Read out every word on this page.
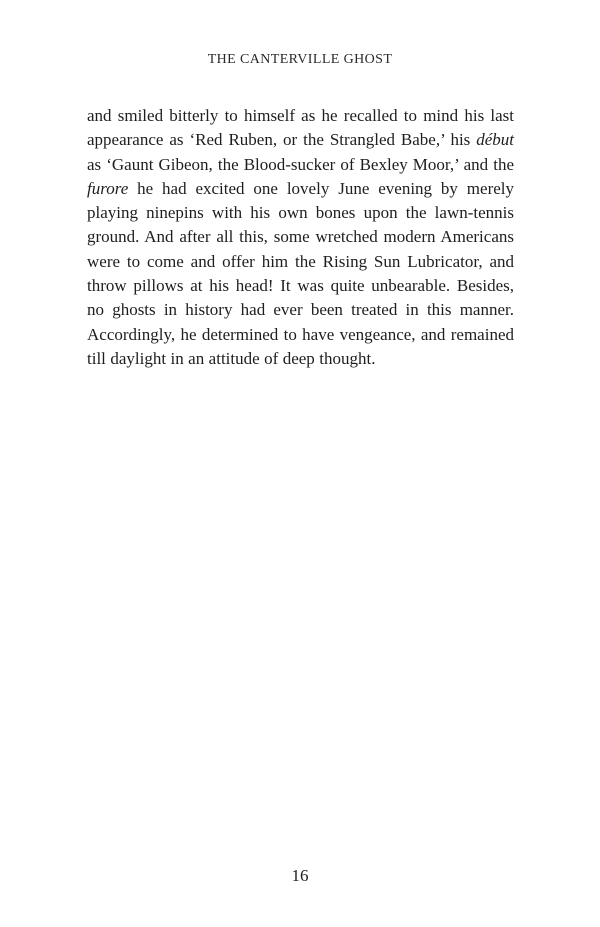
THE CANTERVILLE GHOST

and smiled bitterly to himself as he recalled to mind his last appearance as ‘Red Ruben, or the Strangled Babe,’ his début as ‘Gaunt Gibeon, the Blood-sucker of Bexley Moor,’ and the furore he had excited one lovely June evening by merely playing ninepins with his own bones upon the lawn-tennis ground. And after all this, some wretched modern Americans were to come and offer him the Rising Sun Lubricator, and throw pillows at his head! It was quite unbearable. Besides, no ghosts in history had ever been treated in this manner. Accordingly, he determined to have vengeance, and remained till daylight in an attitude of deep thought.

16
